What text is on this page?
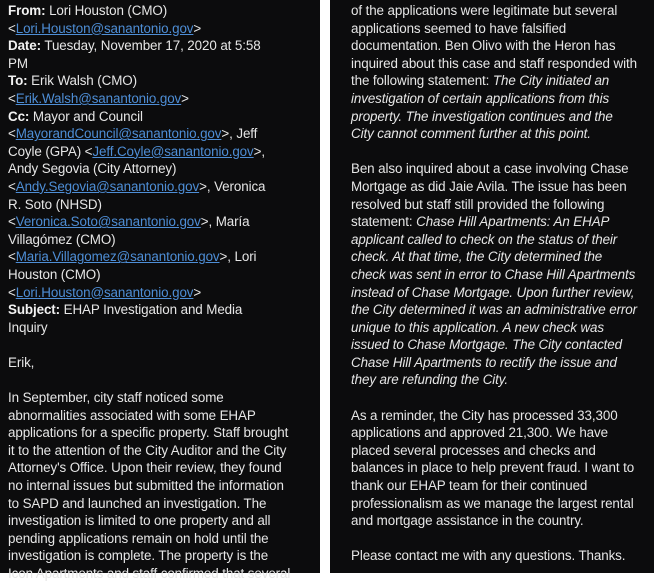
From: Lori Houston (CMO)

<Lori.Houston@sanantonio.gov>

Date: Tuesday, November 17, 2020 at 5:58

PM

To: Erik Walsh (CMO)

<Erik.Walsh@sanantonio.gov>

Cc: Mayor and Council

<MayorandCouncil@sanantonio.gov>, Jeff

Coyle (GPA) <Jeff.Coyle@sanantonio.gov>,

Andy Segovia (City Attorney)

<Andy.Segovia@sanantonio.gov>, Veronica

R. Soto (NHSD)

<Veronica.Soto@sanantonio.gov>, María

Villagómez (CMO)

<Maria.Villagomez@sanantonio.gov>, Lori

Houston (CMO)

<Lori.Houston@sanantonio.gov>

Subject: EHAP Investigation and Media

Inquiry

Erik,

In September, city staff noticed some

abnormalities associated with some EHAP

applications for a specific property. Staff brought

it to the attention of the City Auditor and the City

Attorney's Office. Upon their review, they found

no internal issues but submitted the information

to SAPD and launched an investigation. The

investigation is limited to one property and all

pending applications remain on hold until the

investigation is complete. The property is the

Icon Apartments and staff confirmed that several

of the applications were legitimate but several

applications seemed to have falsified

documentation. Ben Olivo with the Heron has

inquired about this case and staff responded with

the following statement: The City initiated an

investigation of certain applications from this

property. The investigation continues and the

City cannot comment further at this point.

Ben also inquired about a case involving Chase

Mortgage as did Jaie Avila. The issue has been

resolved but staff still provided the following

statement: Chase Hill Apartments: An EHAP

applicant called to check on the status of their

check. At that time, the City determined the

check was sent in error to Chase Hill Apartments

instead of Chase Mortgage. Upon further review,

the City determined it was an administrative error

unique to this application. A new check was

issued to Chase Mortgage. The City contacted

Chase Hill Apartments to rectify the issue and

they are refunding the City.

As a reminder, the City has processed 33,300

applications and approved 21,300. We have

placed several processes and checks and

balances in place to help prevent fraud. I want to

thank our EHAP team for their continued

professionalism as we manage the largest rental

and mortgage assistance in the country.

Please contact me with any questions. Thanks.
